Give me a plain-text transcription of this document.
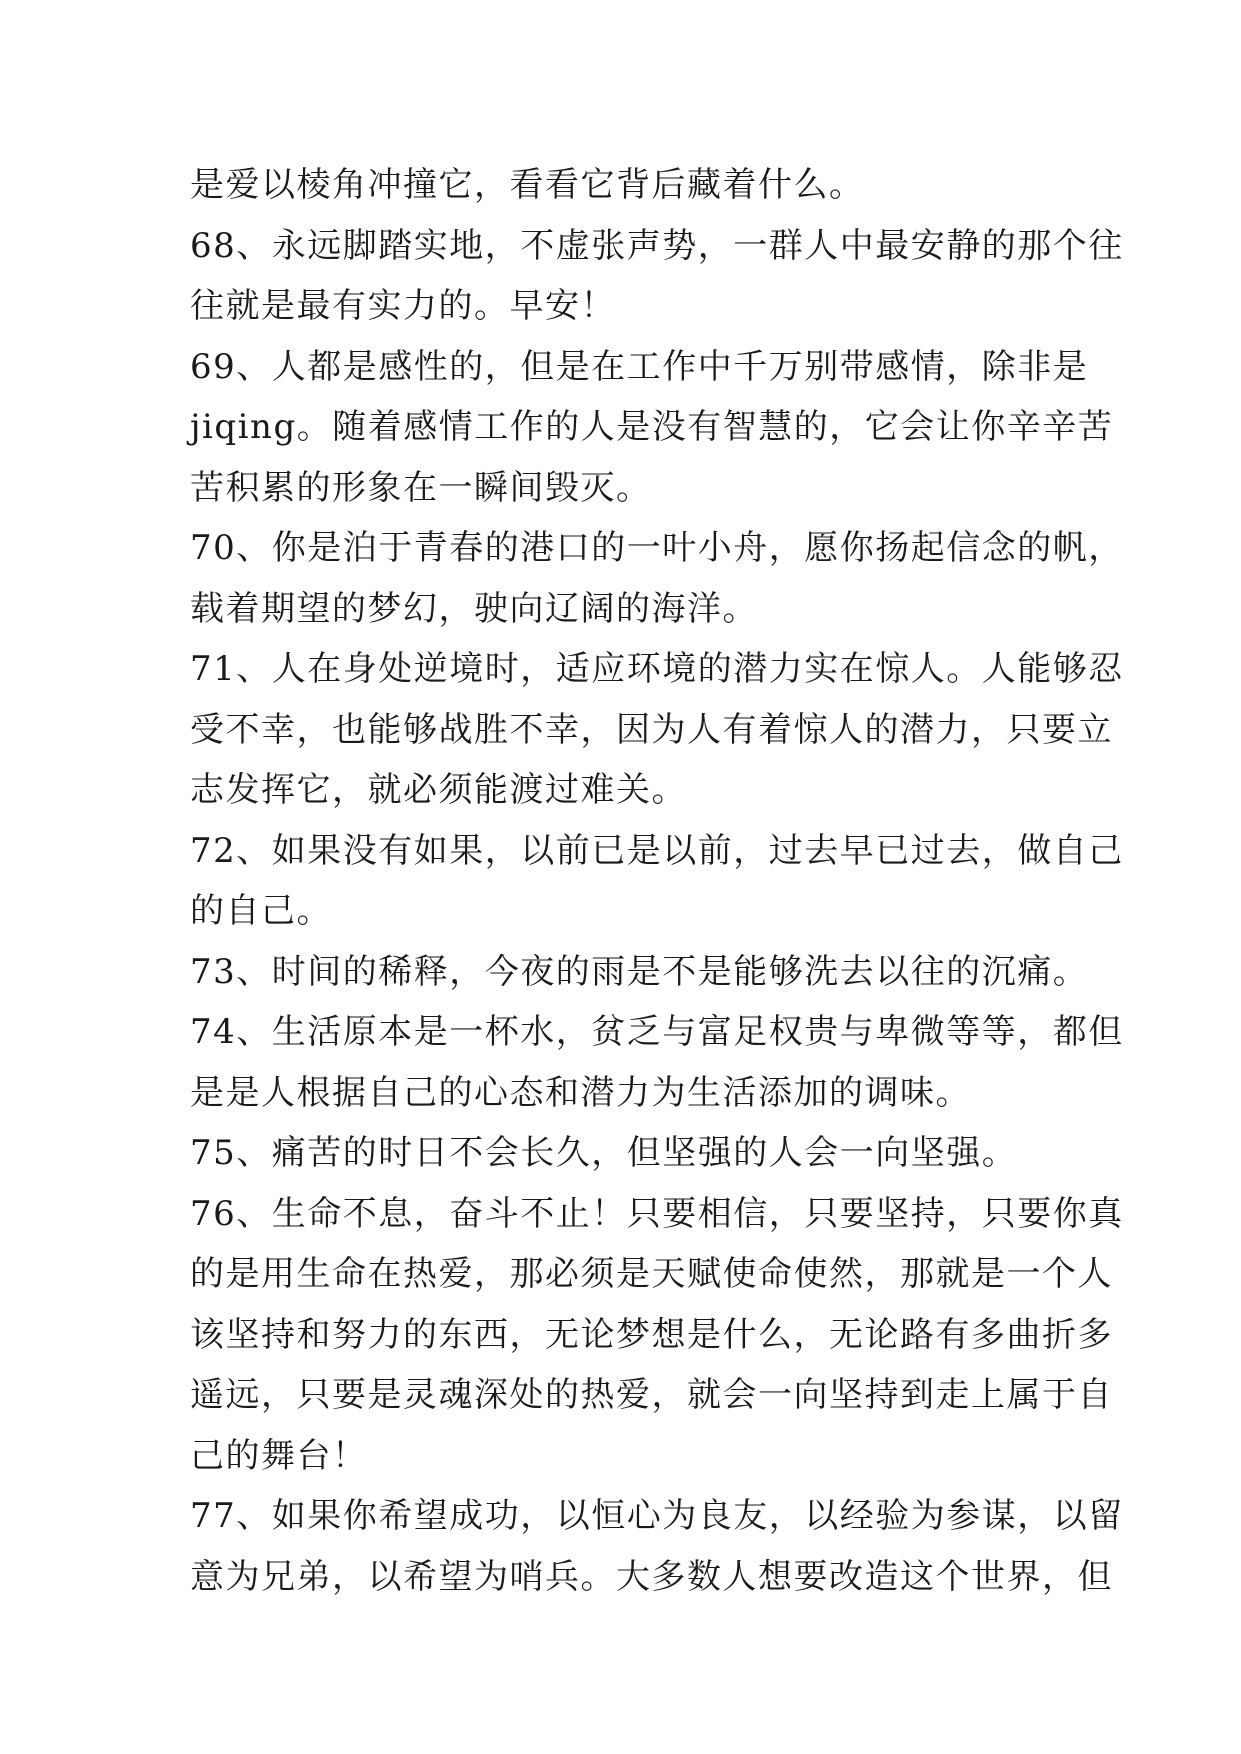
是爱以棱角冲撞它，看看它背后藏着什么。
68、永远脚踏实地，不虚张声势，一群人中最安静的那个往
往就是最有实力的。早安！
69、人都是感性的，但是在工作中千万别带感情，除非是
jiqing。随着感情工作的人是没有智慧的，它会让你辛辛苦
苦积累的形象在一瞬间毁灭。
70、你是泊于青春的港口的一叶小舟，愿你扬起信念的帆，
载着期望的梦幻，驶向辽阔的海洋。
71、人在身处逆境时，适应环境的潜力实在惊人。人能够忍
受不幸，也能够战胜不幸，因为人有着惊人的潜力，只要立
志发挥它，就必须能渡过难关。
72、如果没有如果，以前已是以前，过去早已过去，做自己
的自己。
73、时间的稀释，今夜的雨是不是能够洗去以往的沉痛。
74、生活原本是一杯水，贫乏与富足权贵与卑微等等，都但
是是人根据自己的心态和潜力为生活添加的调味。
75、痛苦的时日不会长久，但坚强的人会一向坚强。
76、生命不息，奋斗不止！只要相信，只要坚持，只要你真
的是用生命在热爱，那必须是天赋使命使然，那就是一个人
该坚持和努力的东西，无论梦想是什么，无论路有多曲折多
遥远，只要是灵魂深处的热爱，就会一向坚持到走上属于自
己的舞台！
77、如果你希望成功，以恒心为良友，以经验为参谋，以留
意为兄弟，以希望为哨兵。大多数人想要改造这个世界，但
